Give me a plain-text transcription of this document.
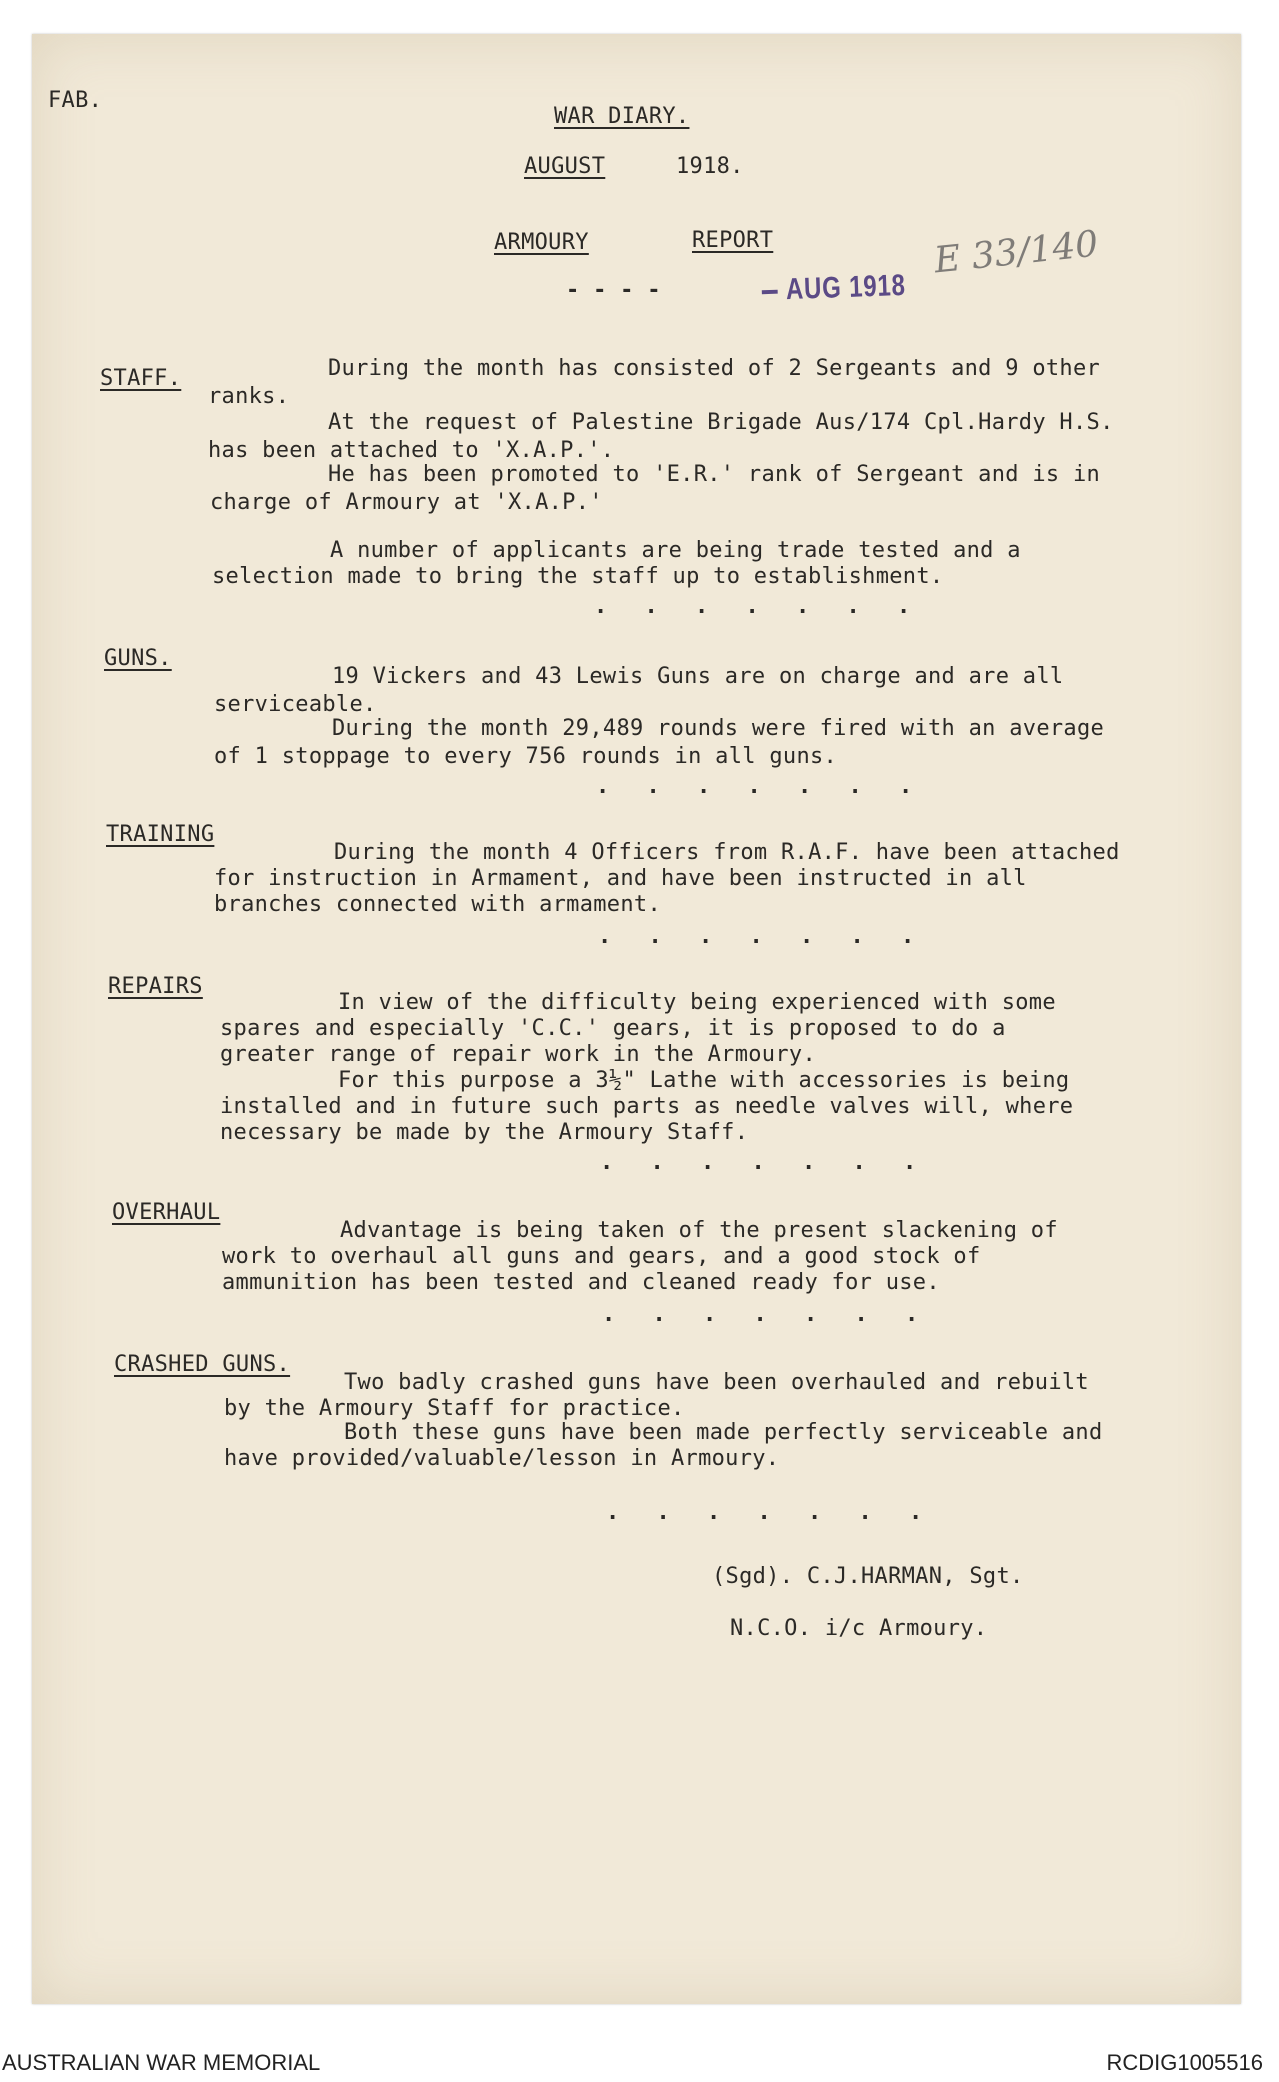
FAB.
WAR DIARY.
AUGUST	1918.
ARMOURY	REPORT
- - - - – AUG 1918
E 33/140
STAFF.	During the month has consisted of 2 Sergeants and 9 other
ranks.
At the request of Palestine Brigade Aus/174 Cpl.Hardy H.S.
has been attached to 'X.A.P.'.
He has been promoted to 'E.R.' rank of Sergeant and is in
charge of Armoury at 'X.A.P.'
A number of applicants are being trade tested and a
selection made to bring the staff up to establishment.
. . . . . . .
GUNS.
19 Vickers and 43 Lewis Guns are on charge and are all
serviceable.
During the month 29,489 rounds were fired with an average
of 1 stoppage to every 756 rounds in all guns.
. . . . . . .
TRAINING
During the month 4 Officers from R.A.F. have been attached
for instruction in Armament, and have been instructed in all
branches connected with armament.
. . . . . . .
REPAIRS
In view of the difficulty being experienced with some
spares and especially 'C.C.' gears, it is proposed to do a
greater range of repair work in the Armoury.
For this purpose a 3½" Lathe with accessories is being
installed and in future such parts as needle valves will, where
necessary be made by the Armoury Staff.
. . . . . . .
OVERHAUL
Advantage is being taken of the present slackening of
work to overhaul all guns and gears, and a good stock of
ammunition has been tested and cleaned ready for use.
. . . . . . .
CRASHED GUNS.
Two badly crashed guns have been overhauled and rebuilt
by the Armoury Staff for practice.
Both these guns have been made perfectly serviceable and
have provided/valuable/lesson in Armoury.
. . . . . . .
(Sgd). C.J.HARMAN, Sgt.
N.C.O. i/c Armoury.
AUSTRALIAN WAR MEMORIAL	RCDIG1005516
